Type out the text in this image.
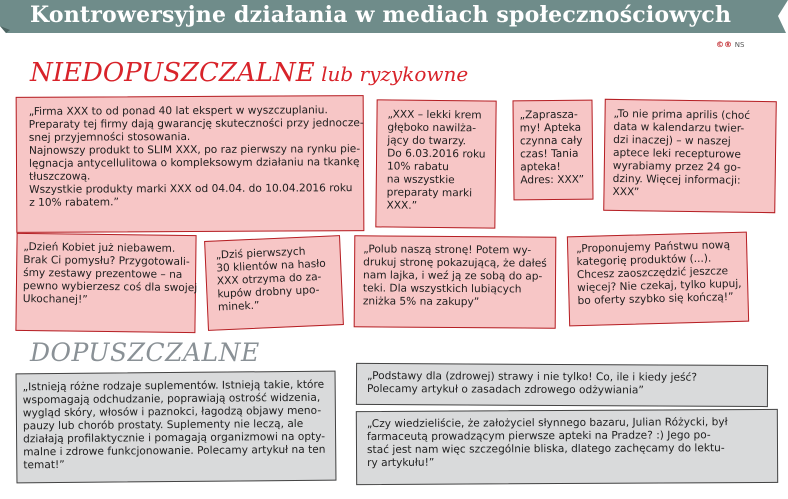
Kontrowersyjne działania w mediach społecznościowych
©® NS
NIEDOPUSZCZALNE lub ryzykowne
DOPUSZCZALNE
„Firma XXX to od ponad 40 lat ekspert w wyszczuplaniu.
Preparaty tej firmy dają gwarancję skuteczności przy jednocze-
snej przyjemności stosowania.
Najnowszy produkt to SLIM XXX, po raz pierwszy na rynku pie-
lęgnacja antycellulitowa o kompleksowym działaniu na tkankę
tłuszczową.
Wszystkie produkty marki XXX od 04.04. do 10.04.2016 roku
z 10% rabatem.”
„XXX – lekki krem
głęboko nawilża-
jący do twarzy.
Do 6.03.2016 roku
10% rabatu
na wszystkie
preparaty marki
XXX.”
„Zapraszа-
my! Apteka
czynna cały
czas! Tania
apteka!
Adres: XXX”
„To nie prima aprilis (choć
data w kalendarzu twier-
dzi inaczej) – w naszej
aptece leki recepturowe
wyrabiamy przez 24 go-
dziny. Więcej informacji:
XXX”
„Dzień Kobiet już niebawem.
Brak Ci pomysłu? Przygotowali-
śmy zestawy prezentowe – na
pewno wybierzesz coś dla swojej
Ukochanej!”
„Dziś pierwszych
30 klientów na hasło
XXX otrzyma do za-
kupów drobny upo-
minek.”
„Polub naszą stronę! Potem wy-
drukuj stronę pokazującą, że dałeś
nam lajka, i weź ją ze sobą do ap-
teki. Dla wszystkich lubiących
zniżka 5% na zakupy”
„Proponujemy Państwu nową
kategorię produktów (...).
Chcesz zaoszczędzić jeszcze
więcej? Nie czekaj, tylko kupuj,
bo oferty szybko się kończą!”
„Istnieją różne rodzaje suplementów. Istnieją takie, które
wspomagają odchudzanie, poprawiają ostrość widzenia,
wygląd skóry, włosów i paznokci, łagodzą objawy meno-
pauzy lub chorób prostaty. Suplementy nie leczą, ale
działają profilaktycznie i pomagają organizmowi na opty-
malne i zdrowe funkcjonowanie. Polecamy artykuł na ten
temat!”
„Podstawy dla (zdrowej) strawy i nie tylko! Co, ile i kiedy jeść?
Polecamy artykuł o zasadach zdrowego odżywiania”
„Czy wiedzieliście, że założyciel słynnego bazaru, Julian Różycki, był
farmaceutą prowadzącym pierwsze apteki na Pradze? :) Jego po-
stać jest nam więc szczególnie bliska, dlatego zachęcamy do lektu-
ry artykułu!”
